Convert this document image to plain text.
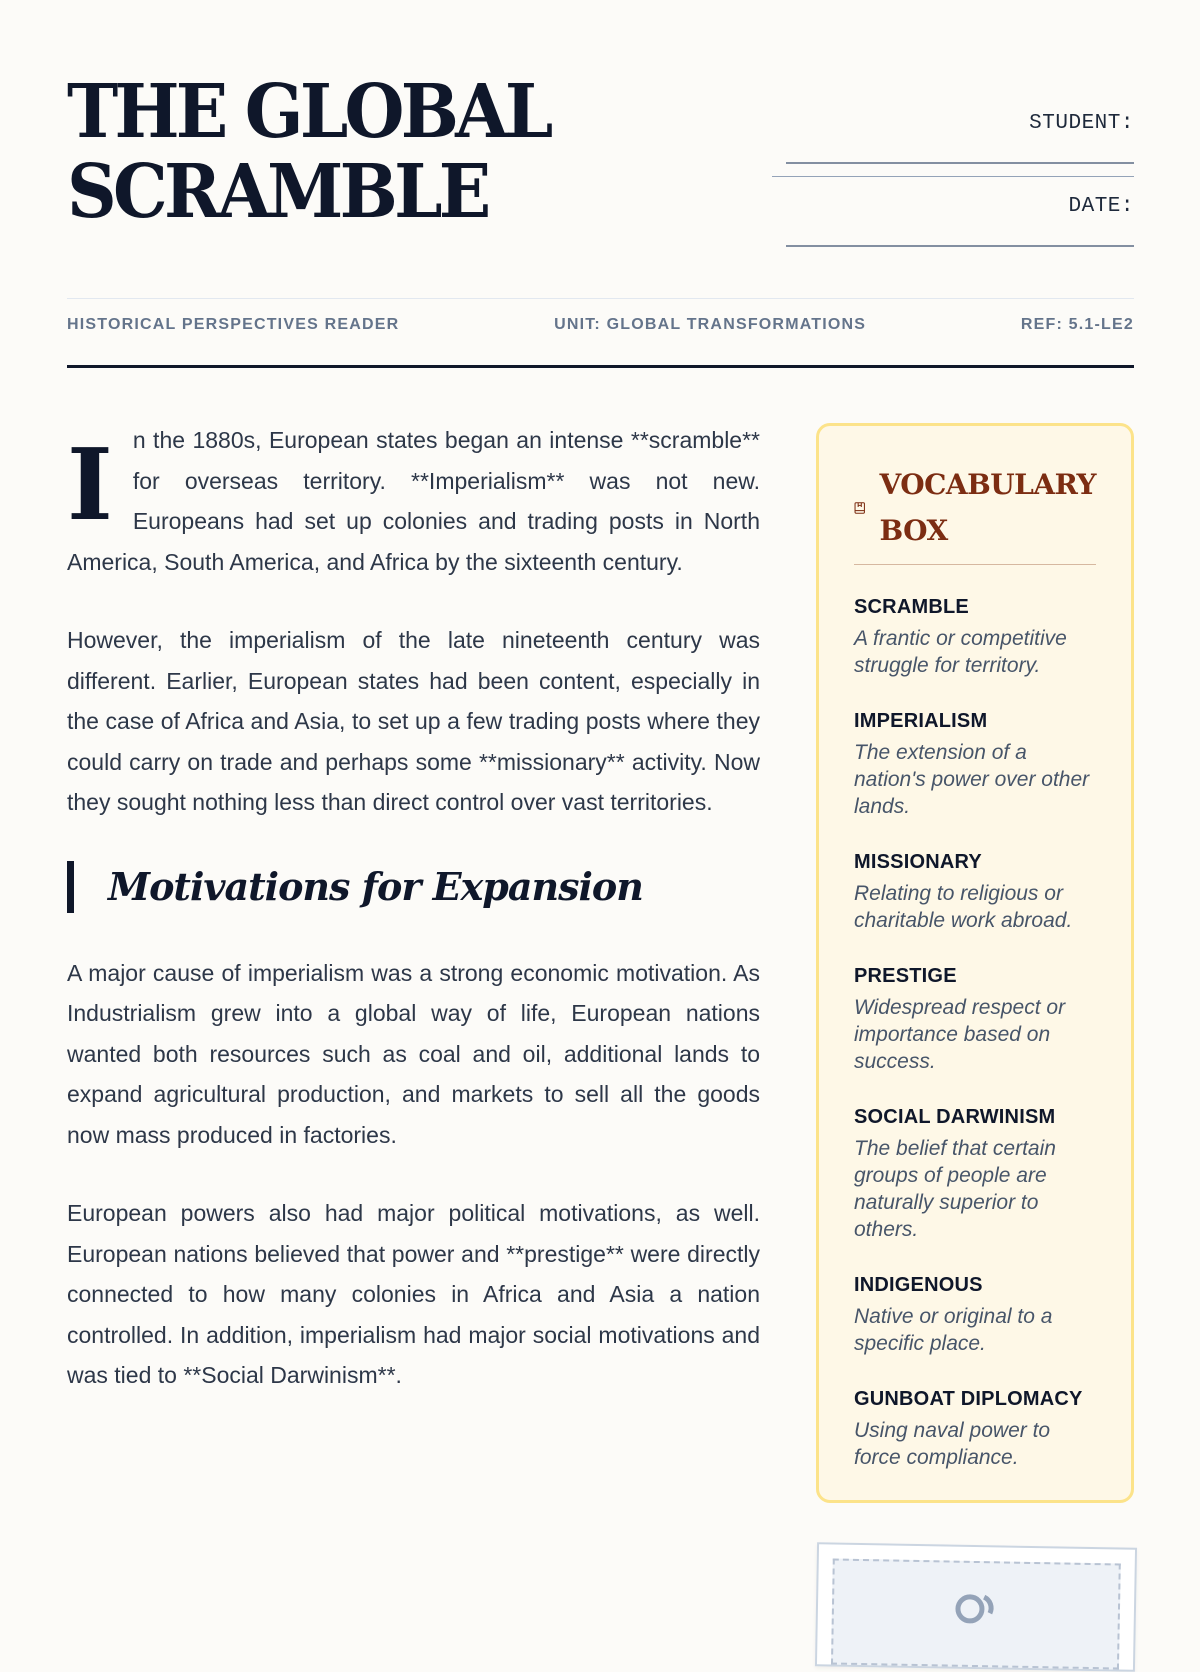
THE GLOBAL
SCRAMBLE
STUDENT:
DATE:
HISTORICAL PERSPECTIVES READER	UNIT: GLOBAL TRANSFORMATIONS	REF: 5.1-LE2

I n the 1880s, European states began an intense **scramble** for overseas territory. **Imperialism** was not new. Europeans had set up colonies and trading posts in North America, South America, and Africa by the sixteenth century.

However, the imperialism of the late nineteenth century was different. Earlier, European states had been content, especially in the case of Africa and Asia, to set up a few trading posts where they could carry on trade and perhaps some **missionary** activity. Now they sought nothing less than direct control over vast territories.

Motivations for Expansion

A major cause of imperialism was a strong economic motivation. As Industrialism grew into a global way of life, European nations wanted both resources such as coal and oil, additional lands to expand agricultural production, and markets to sell all the goods now mass produced in factories.

European powers also had major political motivations, as well. European nations believed that power and **prestige** were directly connected to how many colonies in Africa and Asia a nation controlled. In addition, imperialism had major social motivations and was tied to **Social Darwinism**.

VOCABULARY BOX
SCRAMBLE
A frantic or competitive struggle for territory.
IMPERIALISM
The extension of a nation's power over other lands.
MISSIONARY
Relating to religious or charitable work abroad.
PRESTIGE
Widespread respect or importance based on success.
SOCIAL DARWINISM
The belief that certain groups of people are naturally superior to others.
INDIGENOUS
Native or original to a specific place.
GUNBOAT DIPLOMACY
Using naval power to force compliance.
